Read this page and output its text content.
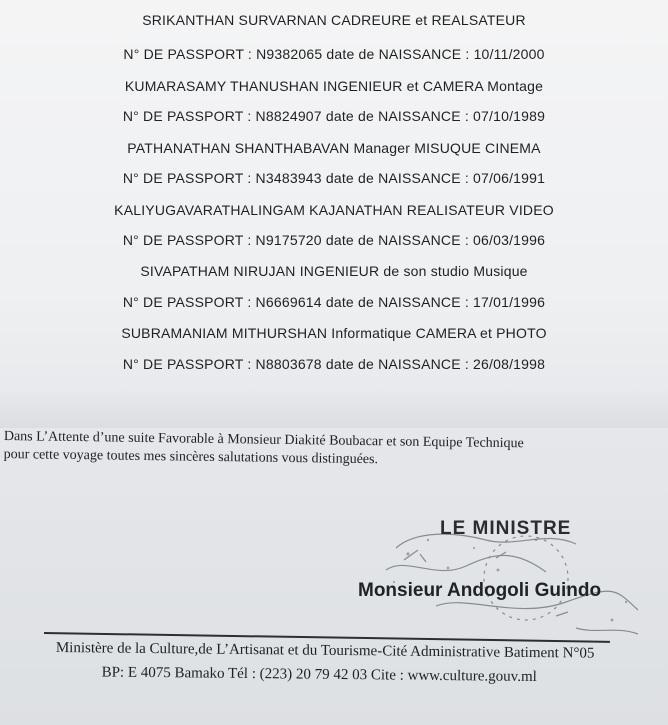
SRIKANTHAN SURVARNAN CADREURE et REALSATEUR
N° DE PASSPORT : N9382065 date de NAISSANCE : 10/11/2000
KUMARASAMY THANUSHAN INGENIEUR et CAMERA Montage
N° DE PASSPORT : N8824907 date de NAISSANCE : 07/10/1989
PATHANATHAN SHANTHABAVAN Manager MISUQUE CINEMA
N° DE PASSPORT : N3483943 date de NAISSANCE : 07/06/1991
KALIYUGAVARATHALINGAM KAJANATHAN REALISATEUR VIDEO
N° DE PASSPORT : N9175720 date de NAISSANCE : 06/03/1996
SIVAPATHAM NIRUJAN INGENIEUR de son studio Musique
N° DE PASSPORT : N6669614 date de NAISSANCE : 17/01/1996
SUBRAMANIAM MITHURSHAN Informatique CAMERA et PHOTO
N° DE PASSPORT : N8803678 date de NAISSANCE : 26/08/1998
Dans L’Attente d’une suite Favorable à Monsieur Diakité Boubacar et son Equipe Technique
pour cette voyage toutes mes sincères salutations vous distinguées.
LE MINISTRE
Monsieur Andogoli Guindo
Ministère de la Culture,de L’Artisanat et du Tourisme-Cité Administrative Batiment N°05
BP: E 4075 Bamako Tél : (223) 20 79 42 03 Cite : www.culture.gouv.ml
